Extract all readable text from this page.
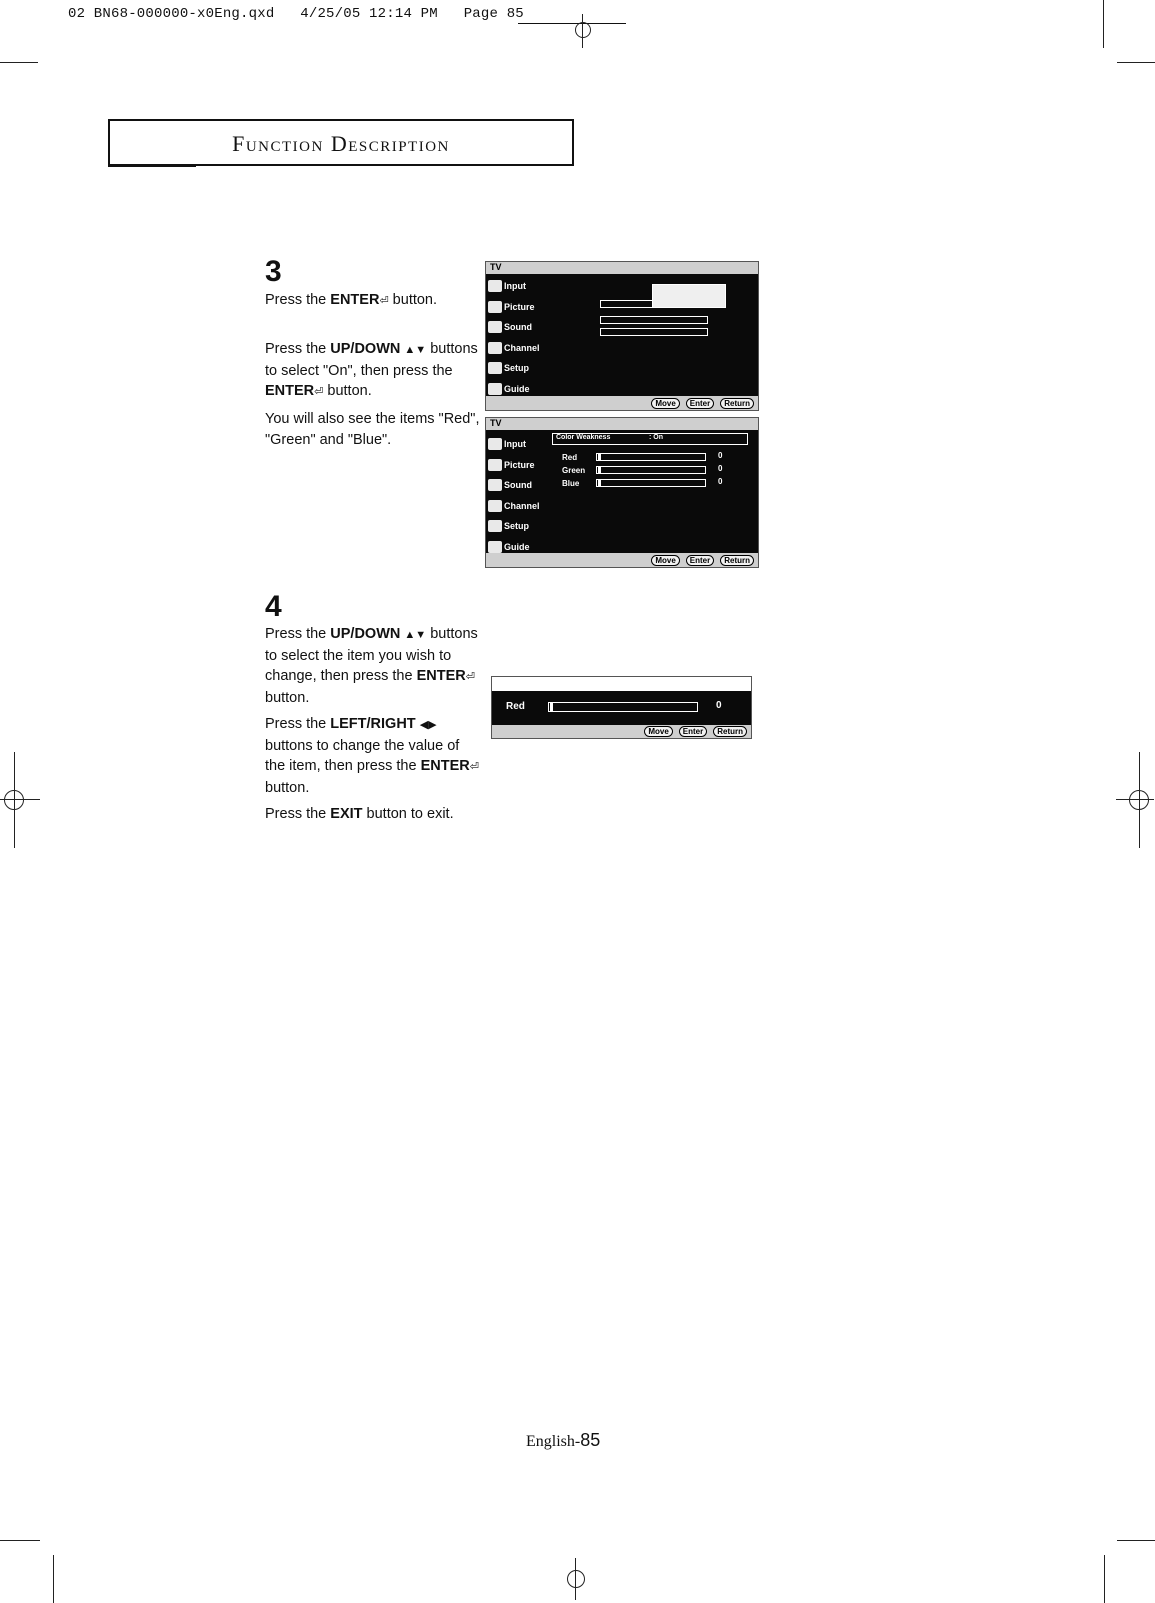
02 BN68-000000-x0Eng.qxd 4/25/05 12:14 PM Page 85
Function Description
3
Press the ENTER⏎ button.
Press the UP/DOWN ▲▼ buttons to select "On", then press the ENTER⏎ button.
You will also see the items "Red", "Green" and "Blue".
TV
Input
Picture
Sound
Channel
Setup
Guide
Move	Enter	Return
TV
Input
Picture
Sound
Channel
Setup
Guide
Color Weakness	: On
Red	0
Green	0
Blue	0
Move	Enter	Return
4
Press the UP/DOWN ▲▼ buttons to select the item you wish to change, then press the ENTER⏎ button.
Press the LEFT/RIGHT ◀▶ buttons to change the value of the item, then press the ENTER⏎ button.
Press the EXIT button to exit.
Red	0
Move	Enter	Return
English-85
